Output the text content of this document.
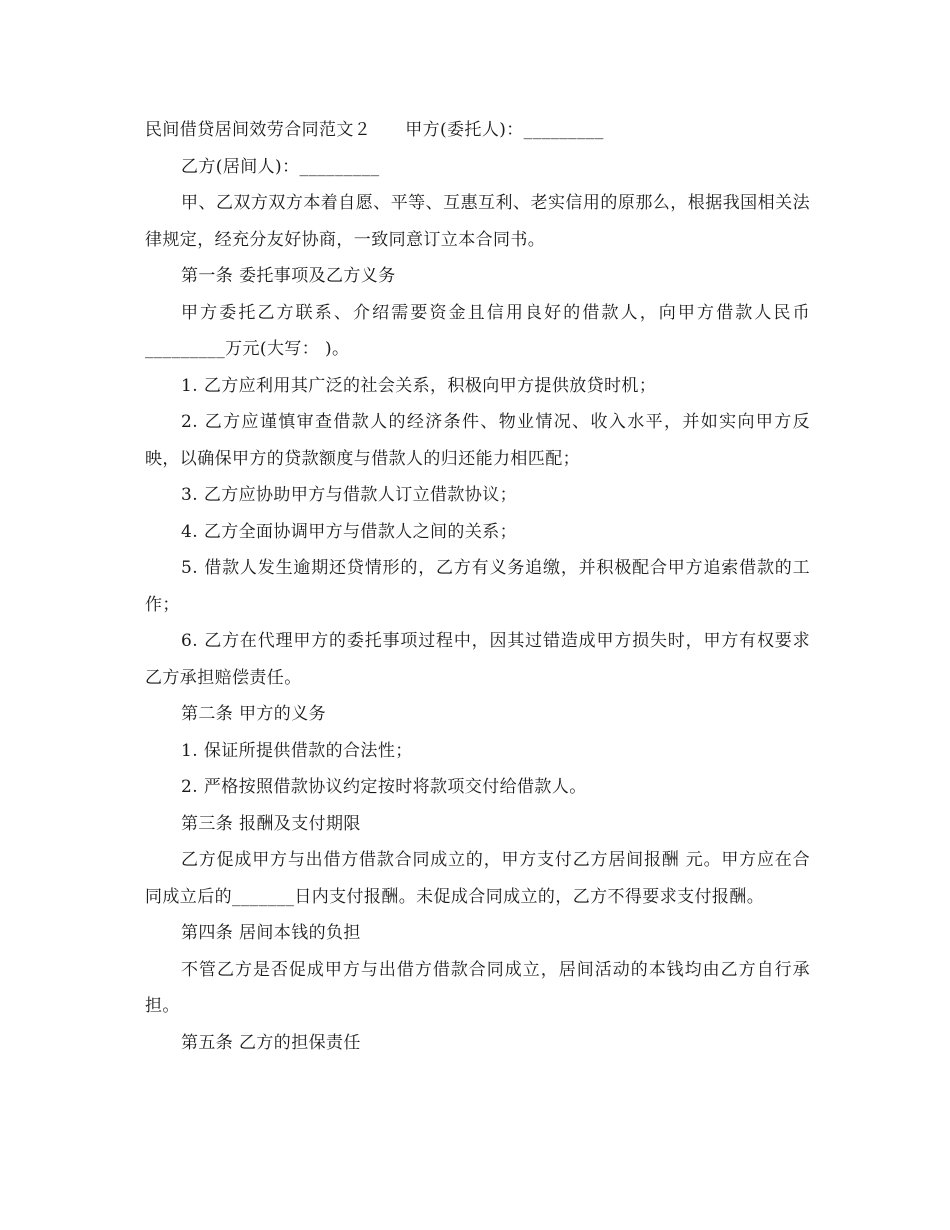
民间借贷居间效劳合同范文２ 甲方(委托人)：_________

乙方(居间人)：_________

甲、乙双方双方本着自愿、平等、互惠互利、老实信用的原那么，根据我国相关法律规定，经充分友好协商，一致同意订立本合同书。

第一条 委托事项及乙方义务

甲方委托乙方联系、介绍需要资金且信用良好的借款人，向甲方借款人民币_________万元(大写： )。

1. 乙方应利用其广泛的社会关系，积极向甲方提供放贷时机；

2. 乙方应谨慎审查借款人的经济条件、物业情况、收入水平，并如实向甲方反映，以确保甲方的贷款额度与借款人的归还能力相匹配；

3. 乙方应协助甲方与借款人订立借款协议；

4. 乙方全面协调甲方与借款人之间的关系；

5. 借款人发生逾期还贷情形的，乙方有义务追缴，并积极配合甲方追索借款的工作；

6. 乙方在代理甲方的委托事项过程中，因其过错造成甲方损失时，甲方有权要求乙方承担赔偿责任。

第二条 甲方的义务

1. 保证所提供借款的合法性；

2. 严格按照借款协议约定按时将款项交付给借款人。

第三条 报酬及支付期限

乙方促成甲方与出借方借款合同成立的，甲方支付乙方居间报酬 元。甲方应在合同成立后的_______日内支付报酬。未促成合同成立的，乙方不得要求支付报酬。

第四条 居间本钱的负担

不管乙方是否促成甲方与出借方借款合同成立，居间活动的本钱均由乙方自行承担。

第五条 乙方的担保责任
